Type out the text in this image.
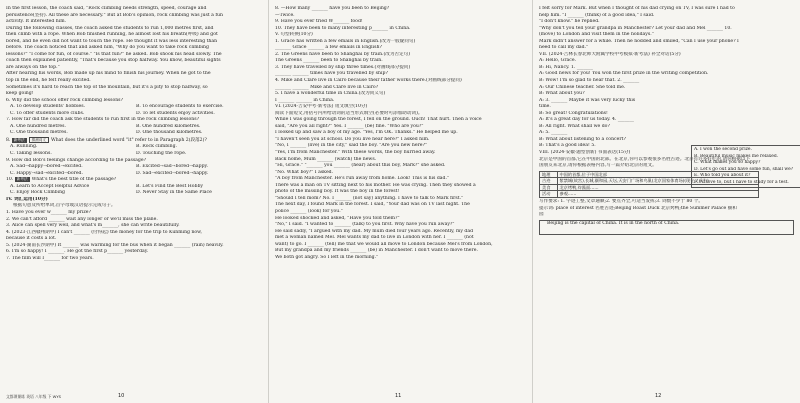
In the first lesson, the coach said, "Rock climbing needs strength, speed, courage and
persistence(坚持). All these are necessary." But at Bob's opinion, rock climbing was just a fun
activity. It interested him.
During the following classes, the coach asked the students to run 1,000 metres first, and
then climb with a rope. When Bob finished running, he almost lost his breath(呼吸) and got
bored, and he even did not want to touch the rope. He thought it was less interesting than
before. The coach noticed that and asked him, "Why do you want to take rock climbing
lessons?" "I come for fun, of course." "Is that fun?" he asked. Bob shook his head slowly. The
coach then explained patiently, "That's because you stop halfway. You know, beautiful sights
are always on the top."
After hearing his words, Bob made up his mind to finish his journey. When he got to the
top in the end, he felt really excited.
Sometimes it's hard to reach the top of the mountain, but it's a pity to stop halfway, so
keep going!
6. Why did the school offer rock climbing lessons?
A. To develop students' hobbies.	B. To encourage students to exercise.
C. To offer students more clubs.	D. To let students enjoy activities.
7. How far did the coach ask the students to run first in the rock climbing lessons?
A. One hundred metres.	B. One hundred kilometres.
C. One thousand metres.	D. One thousand kilometres.
8. 新考法 猜测词义 What does the underlined word "it" refer to in Paragraph 2(段落2)?
A. Running.	B. Rock climbing.
C. Taking lessons.	D. Touching the rope.
9. How did Bob's feelings change according to the passage?
A. Sad→happy→bored→excited.	B. Excited→sad→bored→happy.
C. Happy→sad→excited→bored.	D. Sad→excited→bored→happy.
10. 新考法 What's the best title of the passage?
A. Learn to Accept Helpful Advice	B. Let's Find the Best Hobby
C. Enjoy Rock Climbing	D. Never Stay in the Same Place
IV. 词汇运用(10分)
根据句意及所给单词,首字母或汉语提示完成句子。
1. Have you ever w_______ my prize?
2. We can't afford _______ wait any longer or we'll miss the plane.
3. Alice can spell very well, and what's m_______, she can write beautifully.
4. (2023·江西赣州期中) I can't _______ (付得起) the money for the trip to Kunming now,
because it costs a lot.
5. (2024·湖南长沙期中) It _______ was warming for the bus when it began _______ (rain) heavily.
6. I'm so happy! I _______. He got the first p_______ yesterday.
7. The film will I_______ for two years.
文都课课练 英语 八年级 下 WYS	10
8. —How many _______ have you been to Beijing?
—Twice.
9. Have you ever tried W_______ food!
10. They have been to many interesting p_______ in China.
V. 句型转换(10分)
1. Grace has written a few emails in English.(改为一般疑问句)
_______ Grace _______ a few emails in English?
2. The Greens have been to Shanghai by train.(改为否定句)
The Greens _______ been to Shanghai by train.
3. They have travelled by ship three times.(对画线部分提问)
_______ _______ times have you travelled by ship?
4. Mike and Clare live in Cairo because their father works there.(对画线部分提问)
_______ _______ Mike and Clare live in Cairo?
5. I have a wonderful time in China.(改为同义句)
I _______ _______ in China.
VI. (2024·吉安中考·新考法) 短文填空(10分)
阅读下面短文,用括号内所给动词的适当形式填空(必要时可添加助动词)。
While I was going through the forest, I fell on the ground. Ouch! That hurt. Then a voice
said, "Are you all right?" Yes. I _______ (be) fine. "Who are you?"
I looked up and saw a boy of my age. "Yes, I'm OK. Thanks." He helped me up.
"I haven't seen you at school. Do you live near here?" I asked him.
"No, I _______ (live) in the city," said the boy. "Are you new here?"
"Yes, I'm from Manchester." With these words, the boy hurried away.
Back home, Mum _______ (watch) the news.
"Hi, Grace." "_______ you _______ (hear) about this boy, Mark?" she asked.
"No. What boy?" I asked.
"A boy from Manchester. He's run away from home. Look! This is his dad."
There was a man on TV sitting next to his mother. He was crying. Then they showed a
photo of the missing boy. It was the boy in the forest!
"Should I tell mom? No. I _______ (not say) anything. I have to talk to Mark first."
The next day, I found Mark in the forest. I said, "Your dad was on TV last night. The
police _______ (look) for you."
He looked shocked and asked, "Have you told them?"
"No," I said. "I wanted to _______ (talk) to you first. Why have you run away?"
He said sadly, "I argued with my dad. My mum died four years ago. Recently, my dad
met a woman named Mel. Mel wants my dad to live in London with her. I _______ (not
want) to go. I _______ (tell) me that we would all move to London because Mel's from London,
But my grandpa and my friends _______ (be) in Manchester. I don't want to move there.
We both got angry. So I left in the morning."
11
I felt sorry for Mark. But when I thought of his dad crying on TV, I was sure I had to
help him. "I _______ (think) of a good idea," I said.
"I don't know." he replied.
"Why don't you tell your grandpa in Manchester? Let your dad and Mel _______ 10.
(move) to London and visit them in the holidays."
Mark didn't answer for a while. Then he nodded and smiled, "Can I use your phone? I
need to call my dad."
VII. (2024·吉林长春北师大附属学校中考模拟·新考法) 补全对话(5分)
A: Hello, Grace.
B: Hi, Nancy. 1. _______
A: Good news for you! You won the first prize in the writing competition.
B: Wow! I'm so glad to hear that. 2. _______
A: Our Chinese teacher. She told me.
B: What about you?
A: 3. _______ Maybe it was very lucky this
time.
B: So great! Congratulations!
A: It's a great day for us today. 4. _______
B: All right. What shall we do?
A: 5. _______
B: What about listening to a concert?
B: That's a good idea! 5.
VIII. (2024·安徽·题型创新) 书面表达(15分)
北京是中国的首都,它在中国的北部。在北京,你可以参观很多名胜古迹。北京有许多好吃的,请你根据以下
国朋友来北京,请你根据表格内容,写一篇介绍北京的短文。
A. I won the second prize.
B. Beautiful music makes me relaxed.
C. What makes you so happy?
D. Let's go out and have some fun, shall we?
E. Who told you about it?
F. I'd love to, but I have to study for a test.
地理	中国的首都,位于中国北部
古迹	紫禁城(故宫),长城,颐和园,天坛,天安门广场和鸟巢(北京国家体育场)(现在又成为)
美食	北京烤鸭,炸酱面……
活动	参观……
写作要求: 1. 字迹工整,文章通顺;2. 要点齐全,可适当发挥;3. 词数不少于 80 个。
提示词: place of interest 名胜古迹;Beijing Roast Duck 北京烤鸭;the Summer Palace 颐和
园
Beijing is the capital of China. It is in the north of China.

12
